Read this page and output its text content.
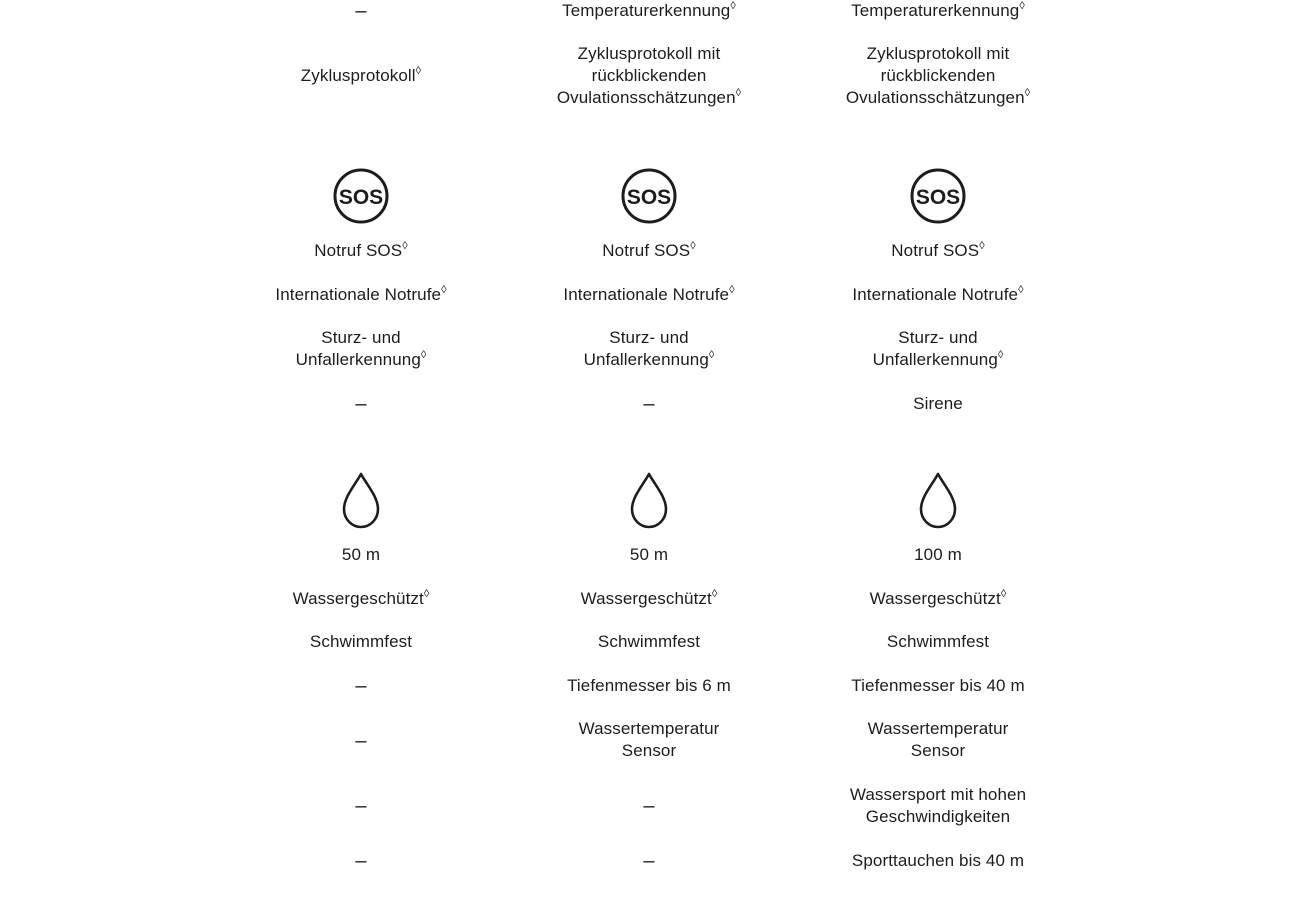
–
Zyklusprotokoll◊
SOS
Notruf SOS◊
Internationale Notrufe◊
Sturz- und
Unfallerkennung◊
–
50 m
Wassergeschützt◊
Schwimmfest
–
–
–
–
Temperaturerkennung◊
Zyklusprotokoll mit rückblickenden Ovulationsschätzungen◊
SOS
Notruf SOS◊
Internationale Notrufe◊
Sturz- und
Unfallerkennung◊
–
50 m
Wassergeschützt◊
Schwimmfest
Tiefenmesser bis 6 m
Wassertemperatur
Sensor
–
–
Temperaturerkennung◊
Zyklusprotokoll mit rückblickenden Ovulationsschätzungen◊
SOS
Notruf SOS◊
Internationale Notrufe◊
Sturz- und
Unfallerkennung◊
Sirene
100 m
Wassergeschützt◊
Schwimmfest
Tiefenmesser bis 40 m
Wassertemperatur
Sensor
Wassersport mit hohen
Geschwindigkeiten
Sporttauchen bis 40 m
